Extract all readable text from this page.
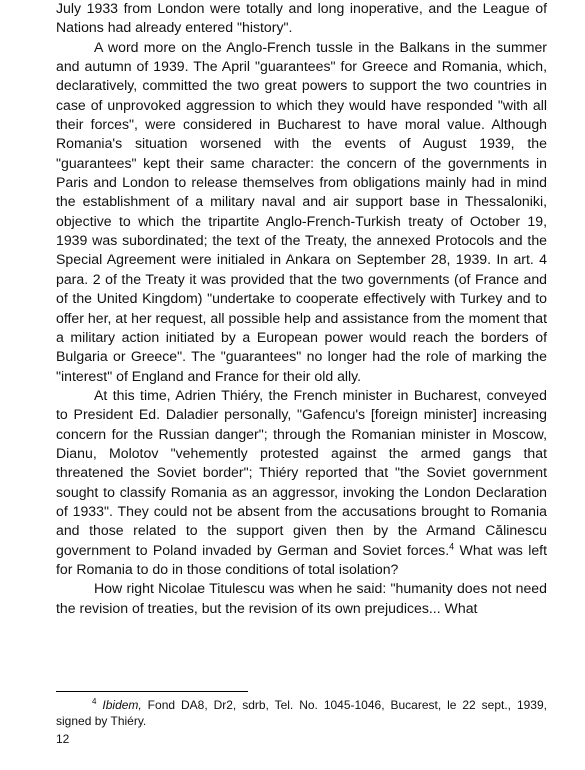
July 1933 from London were totally and long inoperative, and the League of Nations had already entered "history".

A word more on the Anglo-French tussle in the Balkans in the summer and autumn of 1939. The April "guarantees" for Greece and Romania, which, declaratively, committed the two great powers to support the two countries in case of unprovoked aggression to which they would have responded "with all their forces", were considered in Bucharest to have moral value. Although Romania's situation worsened with the events of August 1939, the "guarantees" kept their same character: the concern of the governments in Paris and London to release themselves from obligations mainly had in mind the establishment of a military naval and air support base in Thessaloniki, objective to which the tripartite Anglo-French-Turkish treaty of October 19, 1939 was subordinated; the text of the Treaty, the annexed Protocols and the Special Agreement were initialed in Ankara on September 28, 1939. In art. 4 para. 2 of the Treaty it was provided that the two governments (of France and of the United Kingdom) "undertake to cooperate effectively with Turkey and to offer her, at her request, all possible help and assistance from the moment that a military action initiated by a European power would reach the borders of Bulgaria or Greece". The "guarantees" no longer had the role of marking the "interest" of England and France for their old ally.

At this time, Adrien Thiéry, the French minister in Bucharest, conveyed to President Ed. Daladier personally, "Gafencu's [foreign minister] increasing concern for the Russian danger"; through the Romanian minister in Moscow, Dianu, Molotov "vehemently protested against the armed gangs that threatened the Soviet border"; Thiéry reported that "the Soviet government sought to classify Romania as an aggressor, invoking the London Declaration of 1933". They could not be absent from the accusations brought to Romania and those related to the support given then by the Armand Călinescu government to Poland invaded by German and Soviet forces.$^4$ What was left for Romania to do in those conditions of total isolation?

How right Nicolae Titulescu was when he said: "humanity does not need the revision of treaties, but the revision of its own prejudices... What

$^4$ Ibidem, Fond DA8, Dr2, sdrb, Tel. No. 1045-1046, Bucarest, le 22 sept., 1939, signed by Thiéry.

12
